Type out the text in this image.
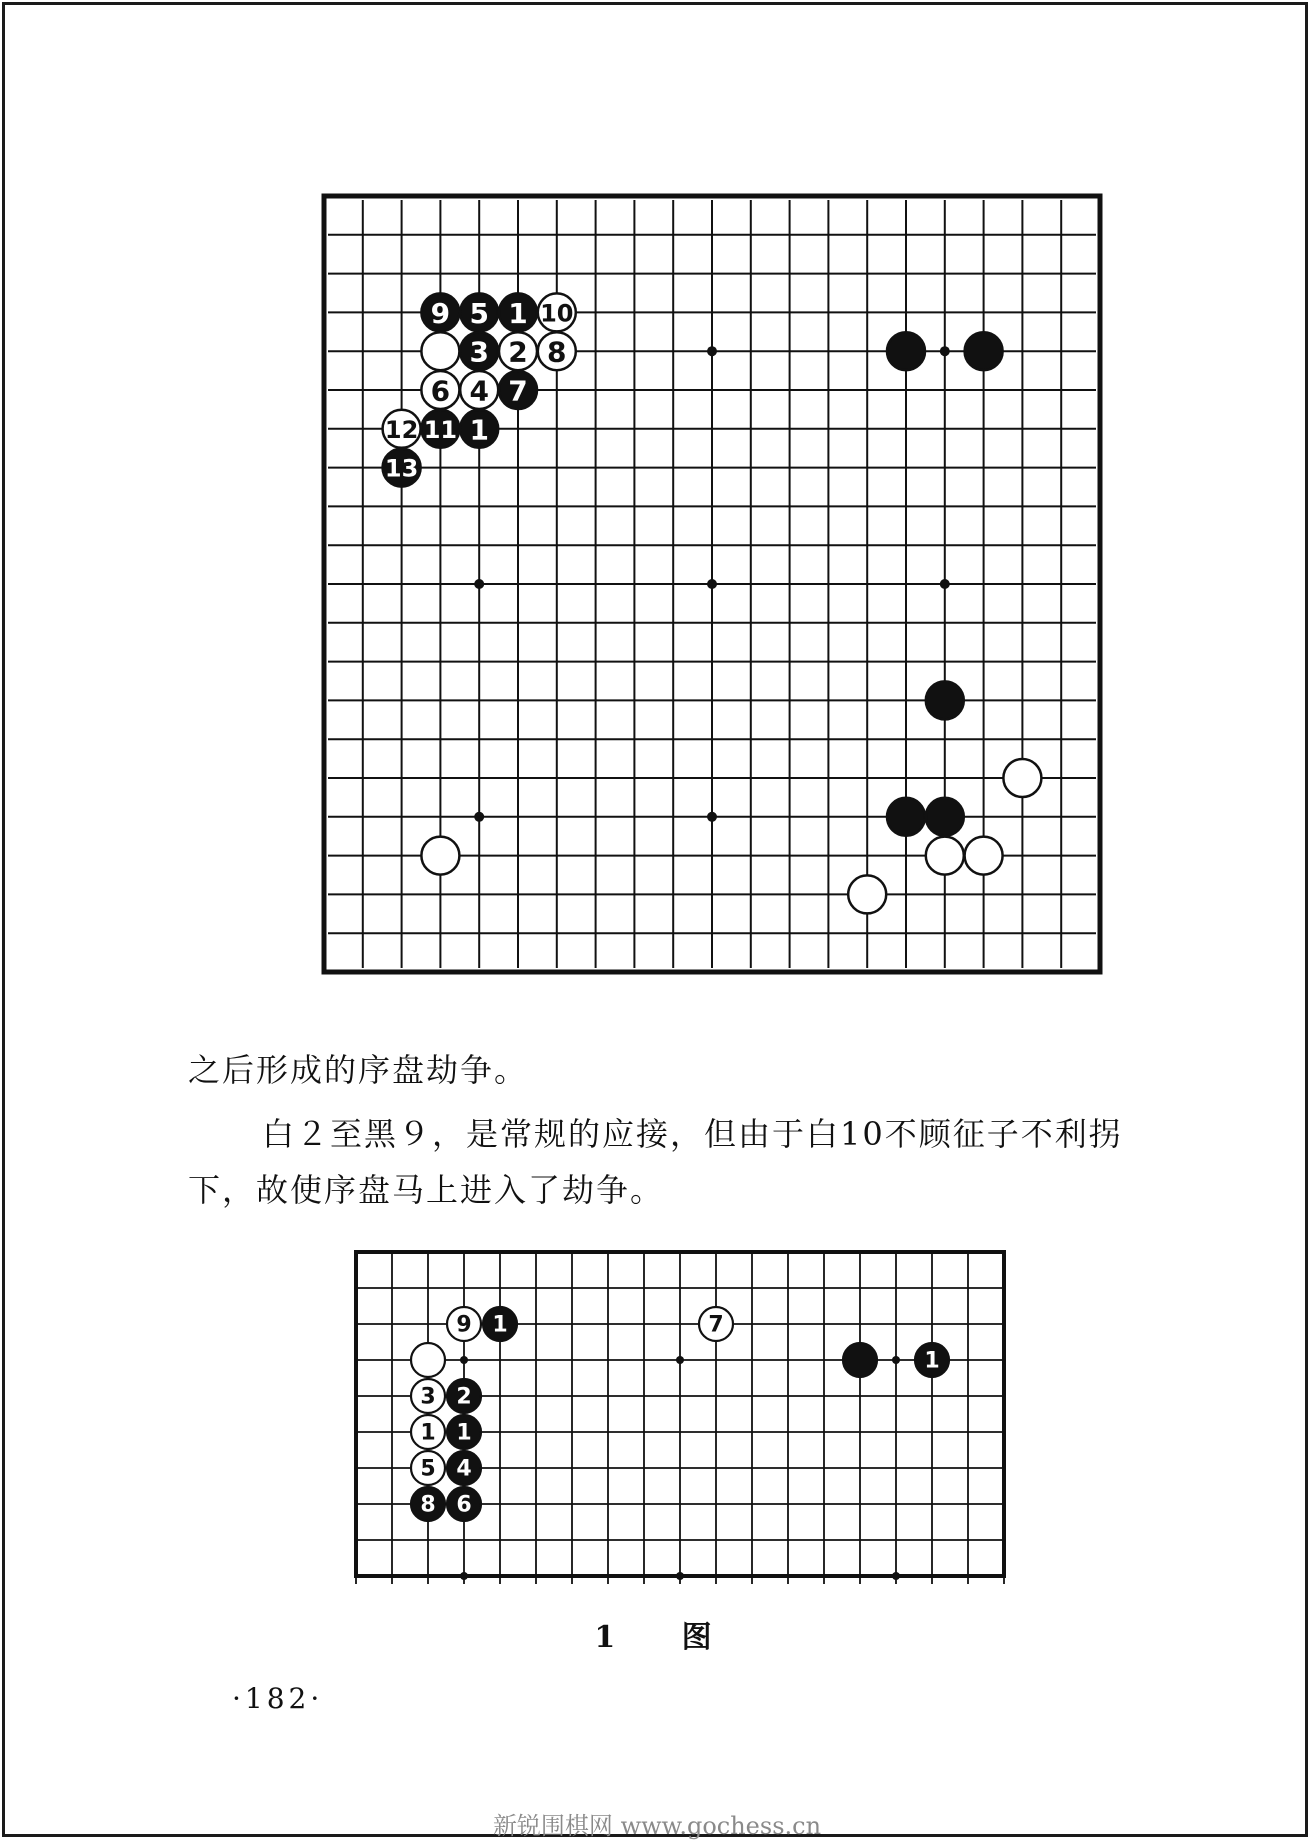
9 5 1 10
3 2 8
6 4 7
12 11 1
13

之后形成的序盘劫争。

白２至黑９，是常规的应接，但由于白10不顾征子不利拐下，故使序盘马上进入了劫争。

9 1	7
1
3 2
1 1
5 4
8 6
1 图
·182·
新锐围棋网 www.gochess.cn
